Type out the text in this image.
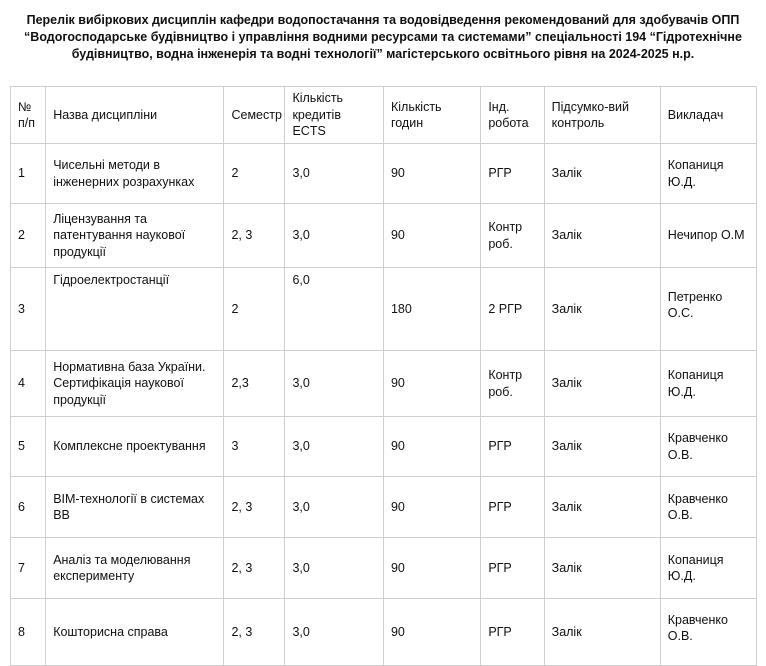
Перелік вибіркових дисциплін кафедри водопостачання та водовідведення рекомендований для здобувачів ОПП “Водогосподарське будівництво і управління водними ресурсами та системами” спеціальності 194 “Гідротехнічне будівництво, водна інженерія та водні технології” магістерського освітнього рівня на 2024-2025 н.р.
№ п/п	Назва дисципліни	Семестр	Кількість кредитів ECTS	Кількість годин	Інд. робота	Підсумко-вий контроль	Викладач
1	Чисельні методи в інженерних розрахунках	2	3,0	90	РГР	Залік	Копаниця Ю.Д.
2	Ліцензування та патентування наукової продукції	2, 3	3,0	90	Контр роб.	Залік	Нечипор О.М
3	Гідроелектростанції	2	6,0	180	2 РГР	Залік	Петренко О.С.
4	Нормативна база України. Сертифікація наукової продукції	2,3	3,0	90	Контр роб.	Залік	Копаниця Ю.Д.
5	Комплексне проектування	3	3,0	90	РГР	Залік	Кравченко О.В.
6	ВІМ-технології в системах ВВ	2, 3	3,0	90	РГР	Залік	Кравченко О.В.
7	Аналіз та моделювання експерименту	2, 3	3,0	90	РГР	Залік	Копаниця Ю.Д.
8	Кошторисна справа	2, 3	3,0	90	РГР	Залік	Кравченко О.В.
